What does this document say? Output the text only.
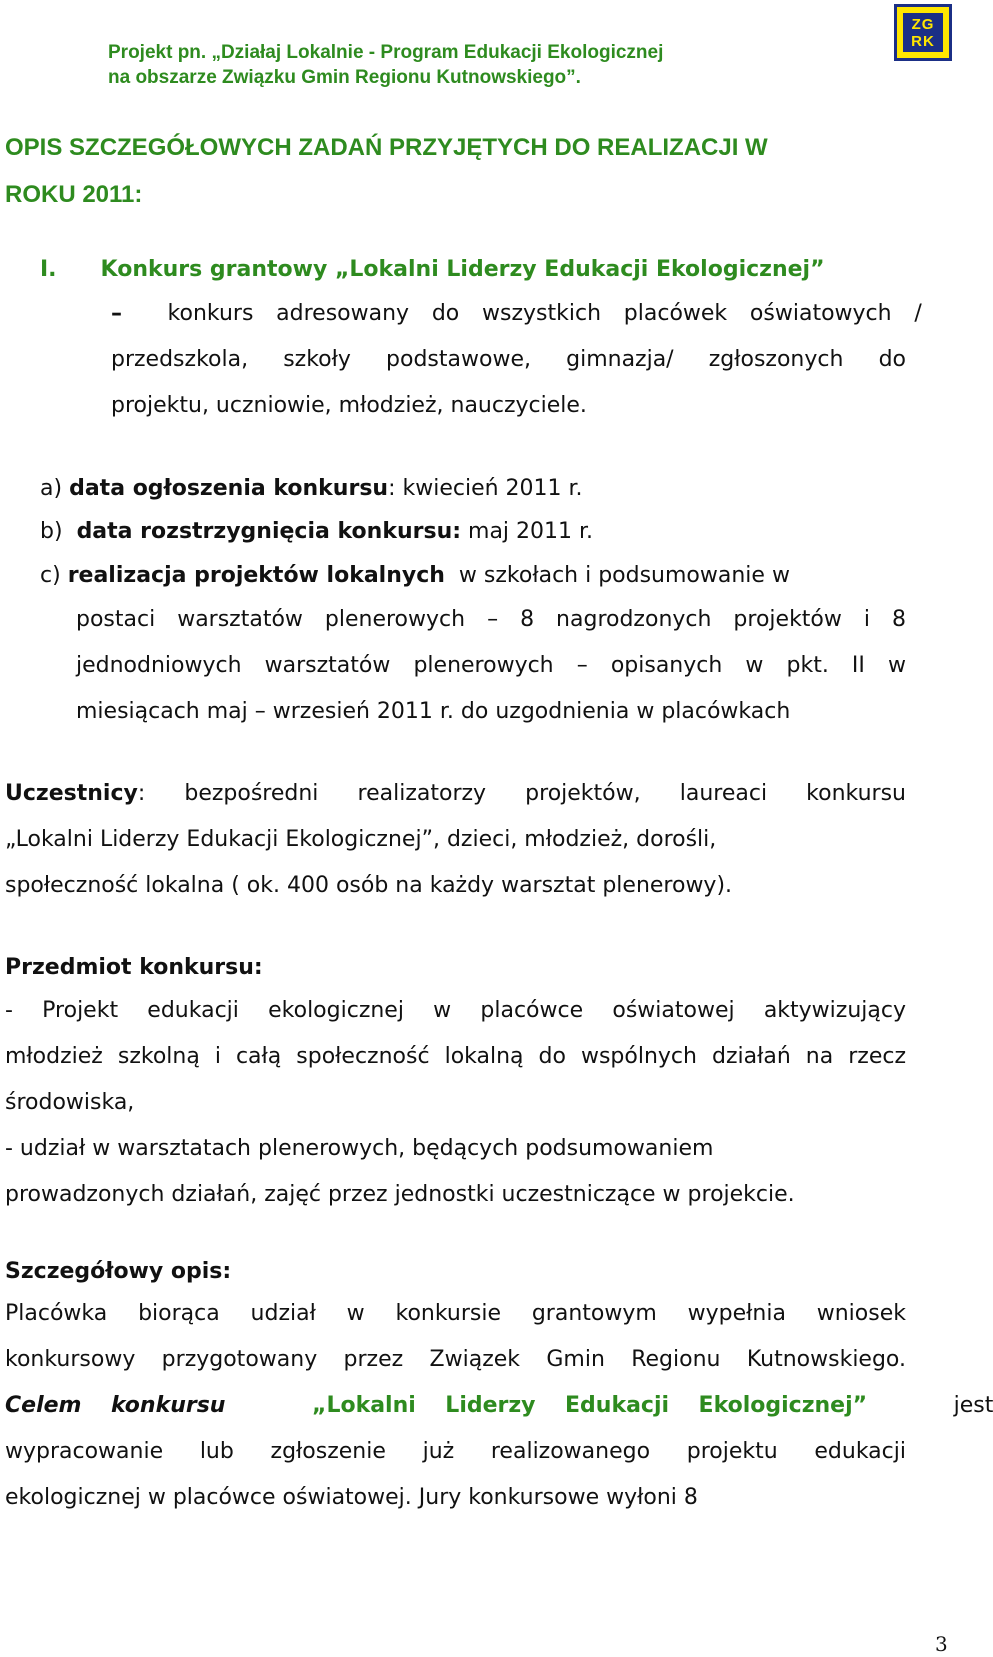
Projekt pn. „Działaj Lokalnie - Program Edukacji Ekologicznej
na obszarze Związku Gmin Regionu Kutnowskiego”.
ZG
RK
OPIS SZCZEGÓŁOWYCH ZADAŃ PRZYJĘTYCH DO REALIZACJI W
ROKU 2011:
I. Konkurs grantowy „Lokalni Liderzy Edukacji Ekologicznej”
– konkurs adresowany do wszystkich placówek oświatowych /
przedszkola, szkoły podstawowe, gimnazja/ zgłoszonych do
projektu, uczniowie, młodzież, nauczyciele.
a) data ogłoszenia konkursu: kwiecień 2011 r.
b) data rozstrzygnięcia konkursu: maj 2011 r.
c) realizacja projektów lokalnych w szkołach i podsumowanie w
postaci warsztatów plenerowych – 8 nagrodzonych projektów i 8
jednodniowych warsztatów plenerowych – opisanych w pkt. II w
miesiącach maj – wrzesień 2011 r. do uzgodnienia w placówkach
Uczestnicy: bezpośredni realizatorzy projektów, laureaci konkursu
„Lokalni Liderzy Edukacji Ekologicznej”, dzieci, młodzież, dorośli,
społeczność lokalna ( ok. 400 osób na każdy warsztat plenerowy).
Przedmiot konkursu:
- Projekt edukacji ekologicznej w placówce oświatowej aktywizujący
młodzież szkolną i całą społeczność lokalną do wspólnych działań na rzecz
środowiska,
- udział w warsztatach plenerowych, będących podsumowaniem
prowadzonych działań, zajęć przez jednostki uczestniczące w projekcie.
Szczegółowy opis:
Placówka biorąca udział w konkursie grantowym wypełnia wniosek
konkursowy przygotowany przez Związek Gmin Regionu Kutnowskiego.
Celem konkursu	„Lokalni Liderzy Edukacji Ekologicznej”	jest
wypracowanie lub zgłoszenie już realizowanego projektu edukacji
ekologicznej w placówce oświatowej. Jury konkursowe wyłoni 8
3
